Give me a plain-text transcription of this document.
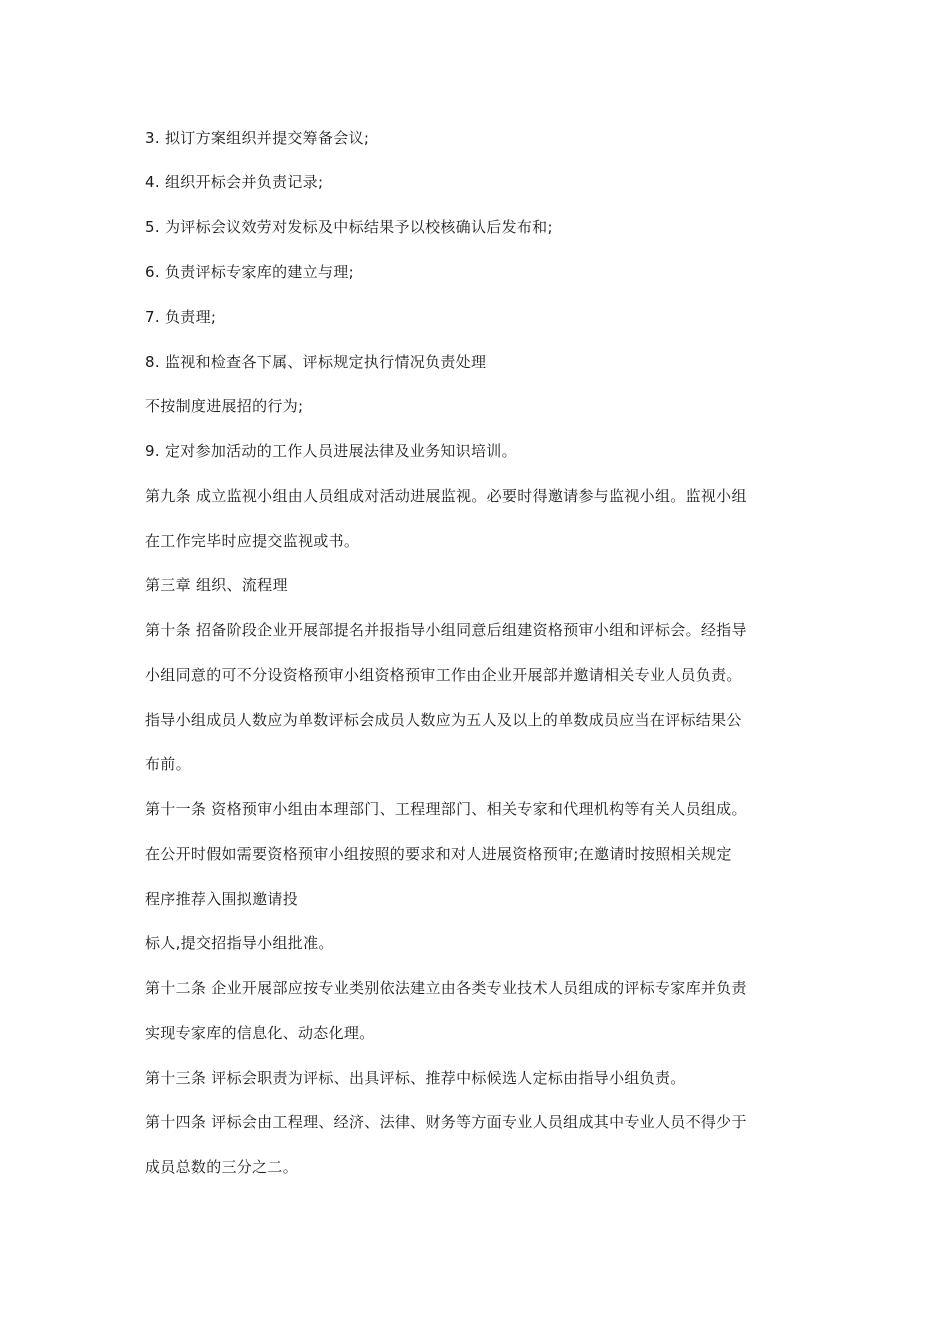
3. 拟订方案组织并提交筹备会议;
4. 组织开标会并负责记录;
5. 为评标会议效劳对发标及中标结果予以校核确认后发布和;
6. 负责评标专家库的建立与理;
7. 负责理;
8. 监视和检查各下属、评标规定执行情况负责处理
不按制度进展招的行为;
9. 定对参加活动的工作人员进展法律及业务知识培训。
第九条 成立监视小组由人员组成对活动进展监视。必要时得邀请参与监视小组。监视小组
在工作完毕时应提交监视或书。
第三章 组织、流程理
第十条 招备阶段企业开展部提名并报指导小组同意后组建资格预审小组和评标会。经指导
小组同意的可不分设资格预审小组资格预审工作由企业开展部并邀请相关专业人员负责。
指导小组成员人数应为单数评标会成员人数应为五人及以上的单数成员应当在评标结果公
布前。
第十一条 资格预审小组由本理部门、工程理部门、相关专家和代理机构等有关人员组成。
在公开时假如需要资格预审小组按照的要求和对人进展资格预审;在邀请时按照相关规定
程序推荐入围拟邀请投
标人,提交招指导小组批准。
第十二条 企业开展部应按专业类别依法建立由各类专业技术人员组成的评标专家库并负责
实现专家库的信息化、动态化理。
第十三条 评标会职责为评标、出具评标、推荐中标候选人定标由指导小组负责。
第十四条 评标会由工程理、经济、法律、财务等方面专业人员组成其中专业人员不得少于
成员总数的三分之二。
